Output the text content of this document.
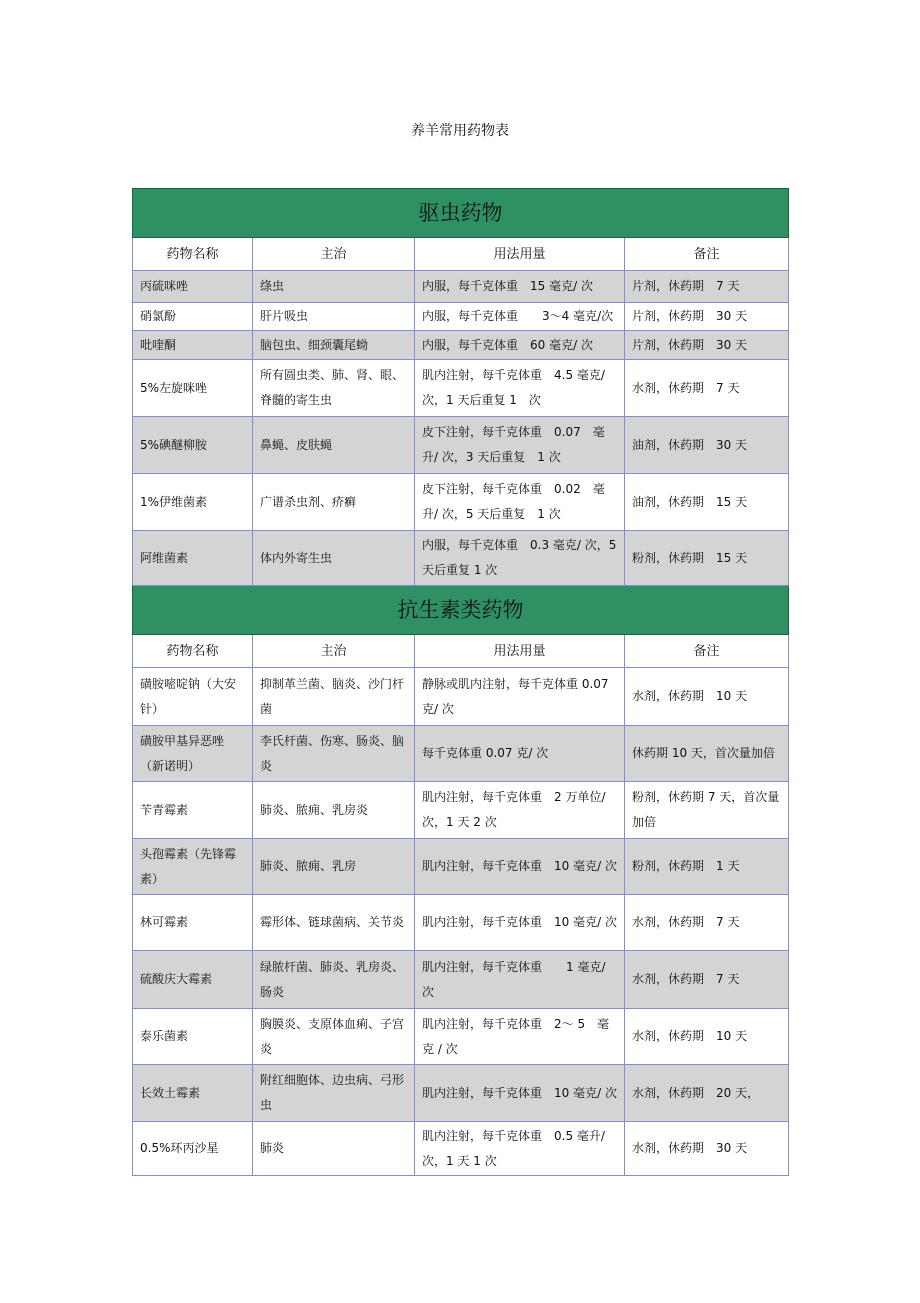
养羊常用药物表
驱虫药物			
药物名称	主治	用法用量	备注
丙硫咪唑	绦虫	内服，每千克体重　15 毫克/ 次	片剂，休药期　7 天
硝氯酚	肝片吸虫	内服，每千克体重　　3～4 毫克/次	片剂，休药期　30 天
吡喹酮	脑包虫、细颈囊尾蚴	内服，每千克体重　60 毫克/ 次	片剂，休药期　30 天
5%左旋咪唑	所有圆虫类、肺、肾、眼、脊髓的寄生虫	肌内注射，每千克体重　4.5 毫克/ 次，1 天后重复 1　次	水剂，休药期　7 天
5%碘醚柳胺	鼻蝇、皮肤蝇	皮下注射，每千克体重　0.07　毫升/ 次，3 天后重复　1 次	油剂，休药期　30 天
1%伊维菌素	广谱杀虫剂、疥癣	皮下注射，每千克体重　0.02　毫升/ 次，5 天后重复　1 次	油剂，休药期　15 天
阿维菌素	体内外寄生虫	内服，每千克体重　0.3 毫克/ 次，5 天后重复 1 次	粉剂，休药期　15 天
抗生素类药物			
药物名称	主治	用法用量	备注
磺胺嘧啶钠（大安针）	抑制革兰菌、脑炎、沙门杆菌	静脉或肌内注射，每千克体重 0.07 克/ 次	水剂，休药期　10 天
磺胺甲基异恶唑（新诺明）	李氏杆菌、伤寒、肠炎、脑炎	每千克体重 0.07 克/ 次	休药期 10 天，首次量加倍
苄青霉素	肺炎、脓痈、乳房炎	肌内注射，每千克体重　2 万单位/ 次，1 天 2 次	粉剂，休药期 7 天，首次量加倍
头孢霉素（先锋霉素）	肺炎、脓痈、乳房	肌内注射，每千克体重　10 毫克/ 次	粉剂，休药期　1 天
林可霉素	霉形体、链球菌病、关节炎	肌内注射，每千克体重　10 毫克/ 次	水剂，休药期　7 天
硫酸庆大霉素	绿脓杆菌、肺炎、乳房炎、肠炎	肌内注射，每千克体重　　1 毫克/ 次	水剂，休药期　7 天
泰乐菌素	胸膜炎、支原体血痢、子宫炎	肌内注射，每千克体重　2～ 5　毫克 / 次	水剂，休药期　10 天
长效土霉素	附红细胞体、边虫病、弓形虫	肌内注射，每千克体重　10 毫克/ 次	水剂，休药期　20 天，
0.5%环丙沙星	肺炎	肌内注射，每千克体重　0.5 毫升/ 次，1 天 1 次	水剂，休药期　30 天
